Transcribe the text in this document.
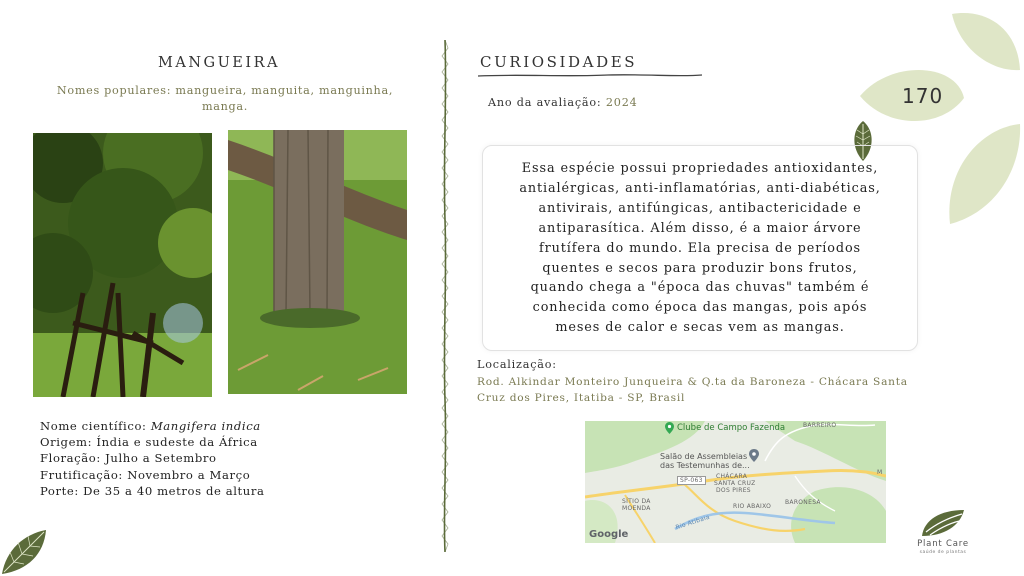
MANGUEIRA
Nomes populares: mangueira, manguita, manguinha, manga.
Nome científico: Mangifera indica
Origem: Índia e sudeste da África
Floração: Julho a Setembro
Frutificação: Novembro a Março
Porte: De 35 a 40 metros de altura
CURIOSIDADES
Ano da avaliação: 2024
Essa espécie possui propriedades antioxidantes,
antialérgicas, anti-inflamatórias, anti-diabéticas,
antivirais, antifúngicas, antibactericidade e
antiparasítica. Além disso, é a maior árvore
frutífera do mundo. Ela precisa de períodos
quentes e secos para produzir bons frutos,
quando chega a "época das chuvas" também é
conhecida como época das mangas, pois após
meses de calor e secas vem as mangas.
Localização:
Rod. Alkindar Monteiro Junqueira & Q.ta da Baroneza - Chácara Santa
Cruz dos Pires, Itatiba - SP, Brasil
Clube de Campo Fazenda	BARREIRO
Salão de Assembleias
das Testemunhas de...
SP-063
CHÁCARA
SANTA CRUZ
DOS PIRES
SÍTIO DA
MOENDA
BARONESA
RIO ABAIXO
Rio Atibaia
M
Google
170
Plant Care
saúde de plantas
